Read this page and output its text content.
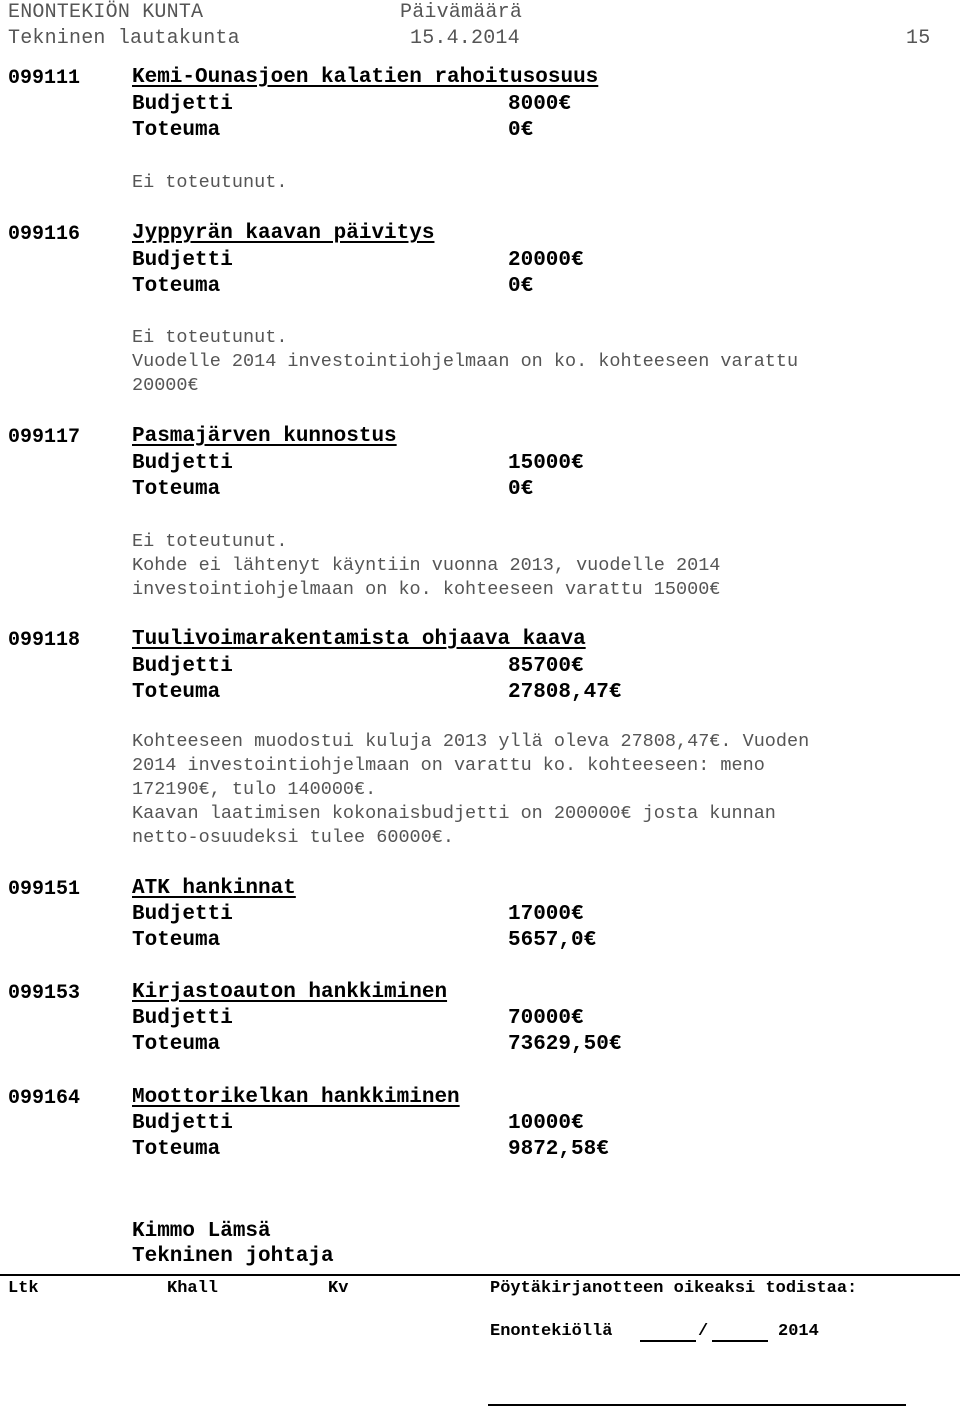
ENONTEKIÖN KUNTA	Päivämäärä
Tekninen lautakunta	15.4.2014	15
099111 Kemi-Ounasjoen kalatien rahoitusosuus
Budjetti	8000€
Toteuma	0€
Ei toteutunut.
099116 Jyppyrän kaavan päivitys
Budjetti	20000€
Toteuma	0€
Ei toteutunut.
Vuodelle 2014 investointiohjelmaan on ko. kohteeseen varattu
20000€
099117 Pasmajärven kunnostus
Budjetti	15000€
Toteuma	0€
Ei toteutunut.
Kohde ei lähtenyt käyntiin vuonna 2013, vuodelle 2014
investointiohjelmaan on ko. kohteeseen varattu 15000€
099118 Tuulivoimarakentamista ohjaava kaava
Budjetti	85700€
Toteuma	27808,47€
Kohteeseen muodostui kuluja 2013 yllä oleva 27808,47€. Vuoden
2014 investointiohjelmaan on varattu ko. kohteeseen: meno
172190€, tulo 140000€.
Kaavan laatimisen kokonaisbudjetti on 200000€ josta kunnan
netto-osuudeksi tulee 60000€.
099151 ATK hankinnat
Budjetti	17000€
Toteuma	5657,0€
099153 Kirjastoauton hankkiminen
Budjetti	70000€
Toteuma	73629,50€
099164 Moottorikelkan hankkiminen
Budjetti	10000€
Toteuma	9872,58€
Kimmo Lämsä
Tekninen johtaja
Ltk	Khall	Kv	Pöytäkirjanotteen oikeaksi todistaa:
Enontekiöllä	/	2014
